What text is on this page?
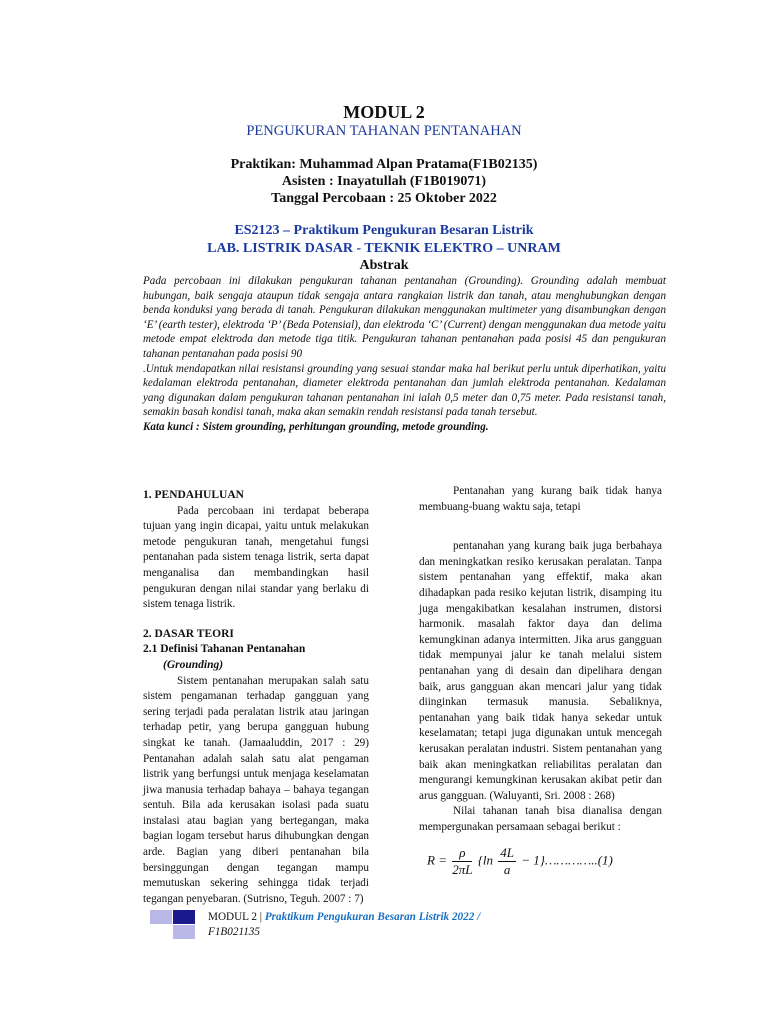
MODUL 2
PENGUKURAN TAHANAN PENTANAHAN
Praktikan: Muhammad Alpan Pratama(F1B02135)
Asisten : Inayatullah (F1B019071)
Tanggal Percobaan : 25 Oktober 2022
ES2123 – Praktikum Pengukuran Besaran Listrik
LAB. LISTRIK DASAR - TEKNIK ELEKTRO – UNRAM
Abstrak

Pada percobaan ini dilakukan pengukuran tahanan pentanahan (Grounding). Grounding adalah membuat hubungan, baik sengaja ataupun tidak sengaja antara rangkaian listrik dan tanah, atau menghubungkan dengan benda konduksi yang berada di tanah. Pengukuran dilakukan menggunakan multimeter yang disambungkan dengan ‘E’ (earth tester), elektroda ‘P’ (Beda Potensial), dan elektroda ‘C’ (Current) dengan menggunakan dua metode yaitu metode empat elektroda dan metode tiga titik. Pengukuran tahanan pentanahan pada posisi 45 dan pengukuran tahanan pentanahan pada posisi 90

.Untuk mendapatkan nilai resistansi grounding yang sesuai standar maka hal berikut perlu untuk diperhatikan, yaitu kedalaman elektroda pentanahan, diameter elektroda pentanahan dan jumlah elektroda pentanahan. Kedalaman yang digunakan dalam pengukuran tahanan pentanahan ini ialah 0,5 meter dan 0,75 meter. Pada resistansi tanah, semakin basah kondisi tanah, maka akan semakin rendah resistansi pada tanah tersebut.

Kata kunci : Sistem grounding, perhitungan grounding, metode grounding.

1. PENDAHULUAN

Pada percobaan ini terdapat beberapa tujuan yang ingin dicapai, yaitu untuk melakukan metode pengukuran tanah, mengetahui fungsi pentanahan pada sistem tenaga listrik, serta dapat menganalisa dan membandingkan hasil pengukuran dengan nilai standar yang berlaku di sistem tenaga listrik.

2. DASAR TEORI

2.1 Definisi Tahanan Pentanahan

(Grounding)

Sistem pentanahan merupakan salah satu sistem pengamanan terhadap gangguan yang sering terjadi pada peralatan listrik atau jaringan terhadap petir, yang berupa gangguan hubung singkat ke tanah. (Jamaaluddin, 2017 : 29) Pentanahan adalah salah satu alat pengaman listrik yang berfungsi untuk menjaga keselamatan jiwa manusia terhadap bahaya – bahaya tegangan sentuh. Bila ada kerusakan isolasi pada suatu instalasi atau bagian yang bertegangan, maka bagian logam tersebut harus dihubungkan dengan arde. Bagian yang diberi pentanahan bila bersinggungan dengan tegangan mampu memutuskan sekering sehingga tidak terjadi tegangan penyebaran. (Sutrisno, Teguh. 2007 : 7)

Pentanahan yang kurang baik tidak hanya membuang-buang waktu saja, tetapi

pentanahan yang kurang baik juga berbahaya dan meningkatkan resiko kerusakan peralatan. Tanpa sistem pentanahan yang effektif, maka akan dihadapkan pada resiko kejutan listrik, disamping itu juga mengakibatkan kesalahan instrumen, distorsi harmonik. masalah faktor daya dan delima kemungkinan adanya intermitten. Jika arus gangguan tidak mempunyai jalur ke tanah melalui sistem pentanahan yang di desain dan dipelihara dengan baik, arus gangguan akan mencari jalur yang tidak diinginkan termasuk manusia. Sebaliknya, pentanahan yang baik tidak hanya sekedar untuk keselamatan; tetapi juga digunakan untuk mencegah kerusakan peralatan industri. Sistem pentanahan yang baik akan meningkatkan reliabilitas peralatan dan mengurangi kemungkinan kerusakan akibat petir dan arus gangguan. (Waluyanti, Sri. 2008 : 268)

Nilai tahanan tanah bisa dianalisa dengan mempergunakan persamaan sebagai berikut :

$R = \frac{\rho}{2\pi L} \{\ln \frac{4L}{a}$ − 1}…………..(1)
MODUL 2 | Praktikum Pengukuran Besaran Listrik 2022 /
F1B021135
